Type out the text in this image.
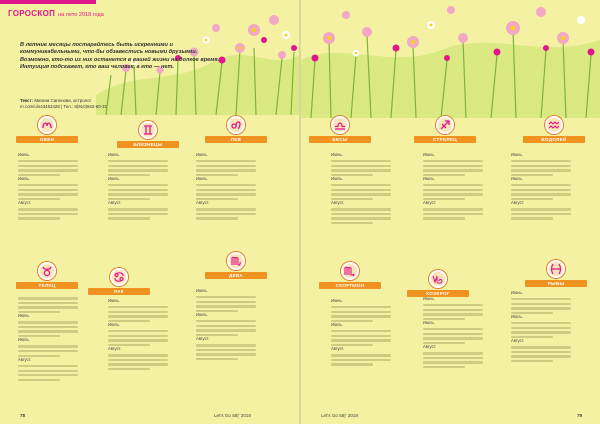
ГОРОСКОП на лето 2018 года
В летние месяцы постарайтесь быть искренними и коммуникабельными, что-бы обзавестись новыми друзьями. Возможно, кто-то из них останется в вашей жизни на долгое время. Интуиция подскажет, кто ваш человек, а кто — нет.
Текст: Мигина Сапенова, астролог
m.com/u/s43453428 | Тел.: 8(910)662-60-31
ОВЕН
БЛИЗНЕЦЫ
ЛЕВ
Июнь.
Июль.
Август.
Июнь.
Июль.
Август.
Июнь.
Июль.
Август.
ТЕЛЕЦ
РАК
ДЕВА
Июнь.
Июль.
Август.
Июнь.
Июль.
Август.
Июнь.
Июль.
Август.
78	Let's Go 58|' 2018
ВЕСЫ	СТРЕЛЕЦ	ВОДОЛЕЙ
Июнь.
Июль.
Август.
Июнь.
Июль.
Август.
Июнь.
Июль.
Август.
СКОРПИОН
КОЗЕРОГ
РЫБЫ
Июнь.
Июль.
Август.
Июнь.
Июль.
Август.
Июнь.
Июль.
Август.
Let's Go 58|' 2018	79
